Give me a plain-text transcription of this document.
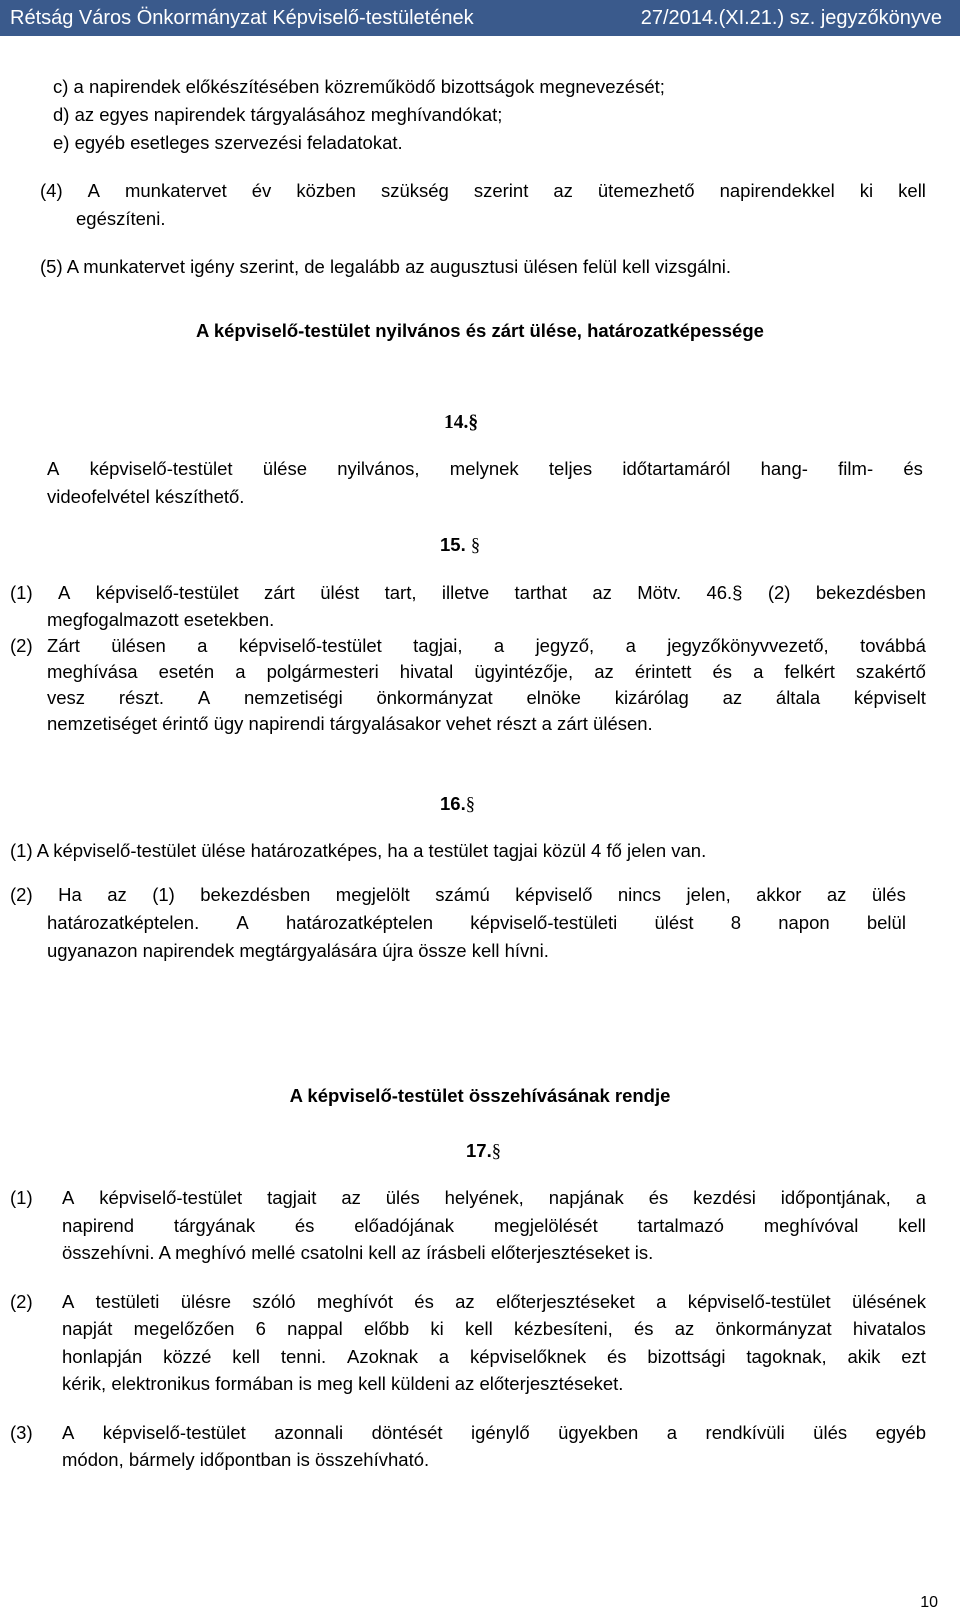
Rétság Város Önkormányzat Képviselő-testületének	27/2014.(XI.21.) sz. jegyzőkönyve
c) a napirendek előkészítésében közreműködő bizottságok megnevezését;
d) az egyes napirendek tárgyalásához meghívandókat;
e) egyéb esetleges szervezési feladatokat.
(4) A munkatervet év közben szükség szerint az ütemezhető napirendekkel ki kell
egészíteni.
(5) A munkatervet igény szerint, de legalább az augusztusi ülésen felül kell vizsgálni.
A képviselő-testület nyilvános és zárt ülése, határozatképessége
14.§
A képviselő-testület ülése nyilvános, melynek teljes időtartamáról hang- film- és
videofelvétel készíthető.
15. §
(1) A képviselő-testület zárt ülést tart, illetve tarthat az Mötv. 46.§ (2) bekezdésben
megfogalmazott esetekben.
(2) Zárt ülésen a képviselő-testület tagjai, a jegyző, a jegyzőkönyvvezető, továbbá
meghívása esetén a polgármesteri hivatal ügyintézője, az érintett és a felkért szakértő
vesz részt. A nemzetiségi önkormányzat elnöke kizárólag az általa képviselt
nemzetiséget érintő ügy napirendi tárgyalásakor vehet részt a zárt ülésen.
16.§
(1) A képviselő-testület ülése határozatképes, ha a testület tagjai közül 4 fő jelen van.
(2) Ha az (1) bekezdésben megjelölt számú képviselő nincs jelen, akkor az ülés
határozatképtelen. A határozatképtelen képviselő-testületi ülést 8 napon belül
ugyanazon napirendek megtárgyalására újra össze kell hívni.
A képviselő-testület összehívásának rendje
17.§
(1) A képviselő-testület tagjait az ülés helyének, napjának és kezdési időpontjának, a
napirend tárgyának és előadójának megjelölését tartalmazó meghívóval kell
összehívni. A meghívó mellé csatolni kell az írásbeli előterjesztéseket is.
(2) A testületi ülésre szóló meghívót és az előterjesztéseket a képviselő-testület ülésének
napját megelőzően 6 nappal előbb ki kell kézbesíteni, és az önkormányzat hivatalos
honlapján közzé kell tenni. Azoknak a képviselőknek és bizottsági tagoknak, akik ezt
kérik, elektronikus formában is meg kell küldeni az előterjesztéseket.
(3) A képviselő-testület azonnali döntését igénylő ügyekben a rendkívüli ülés egyéb
módon, bármely időpontban is összehívható.
10
